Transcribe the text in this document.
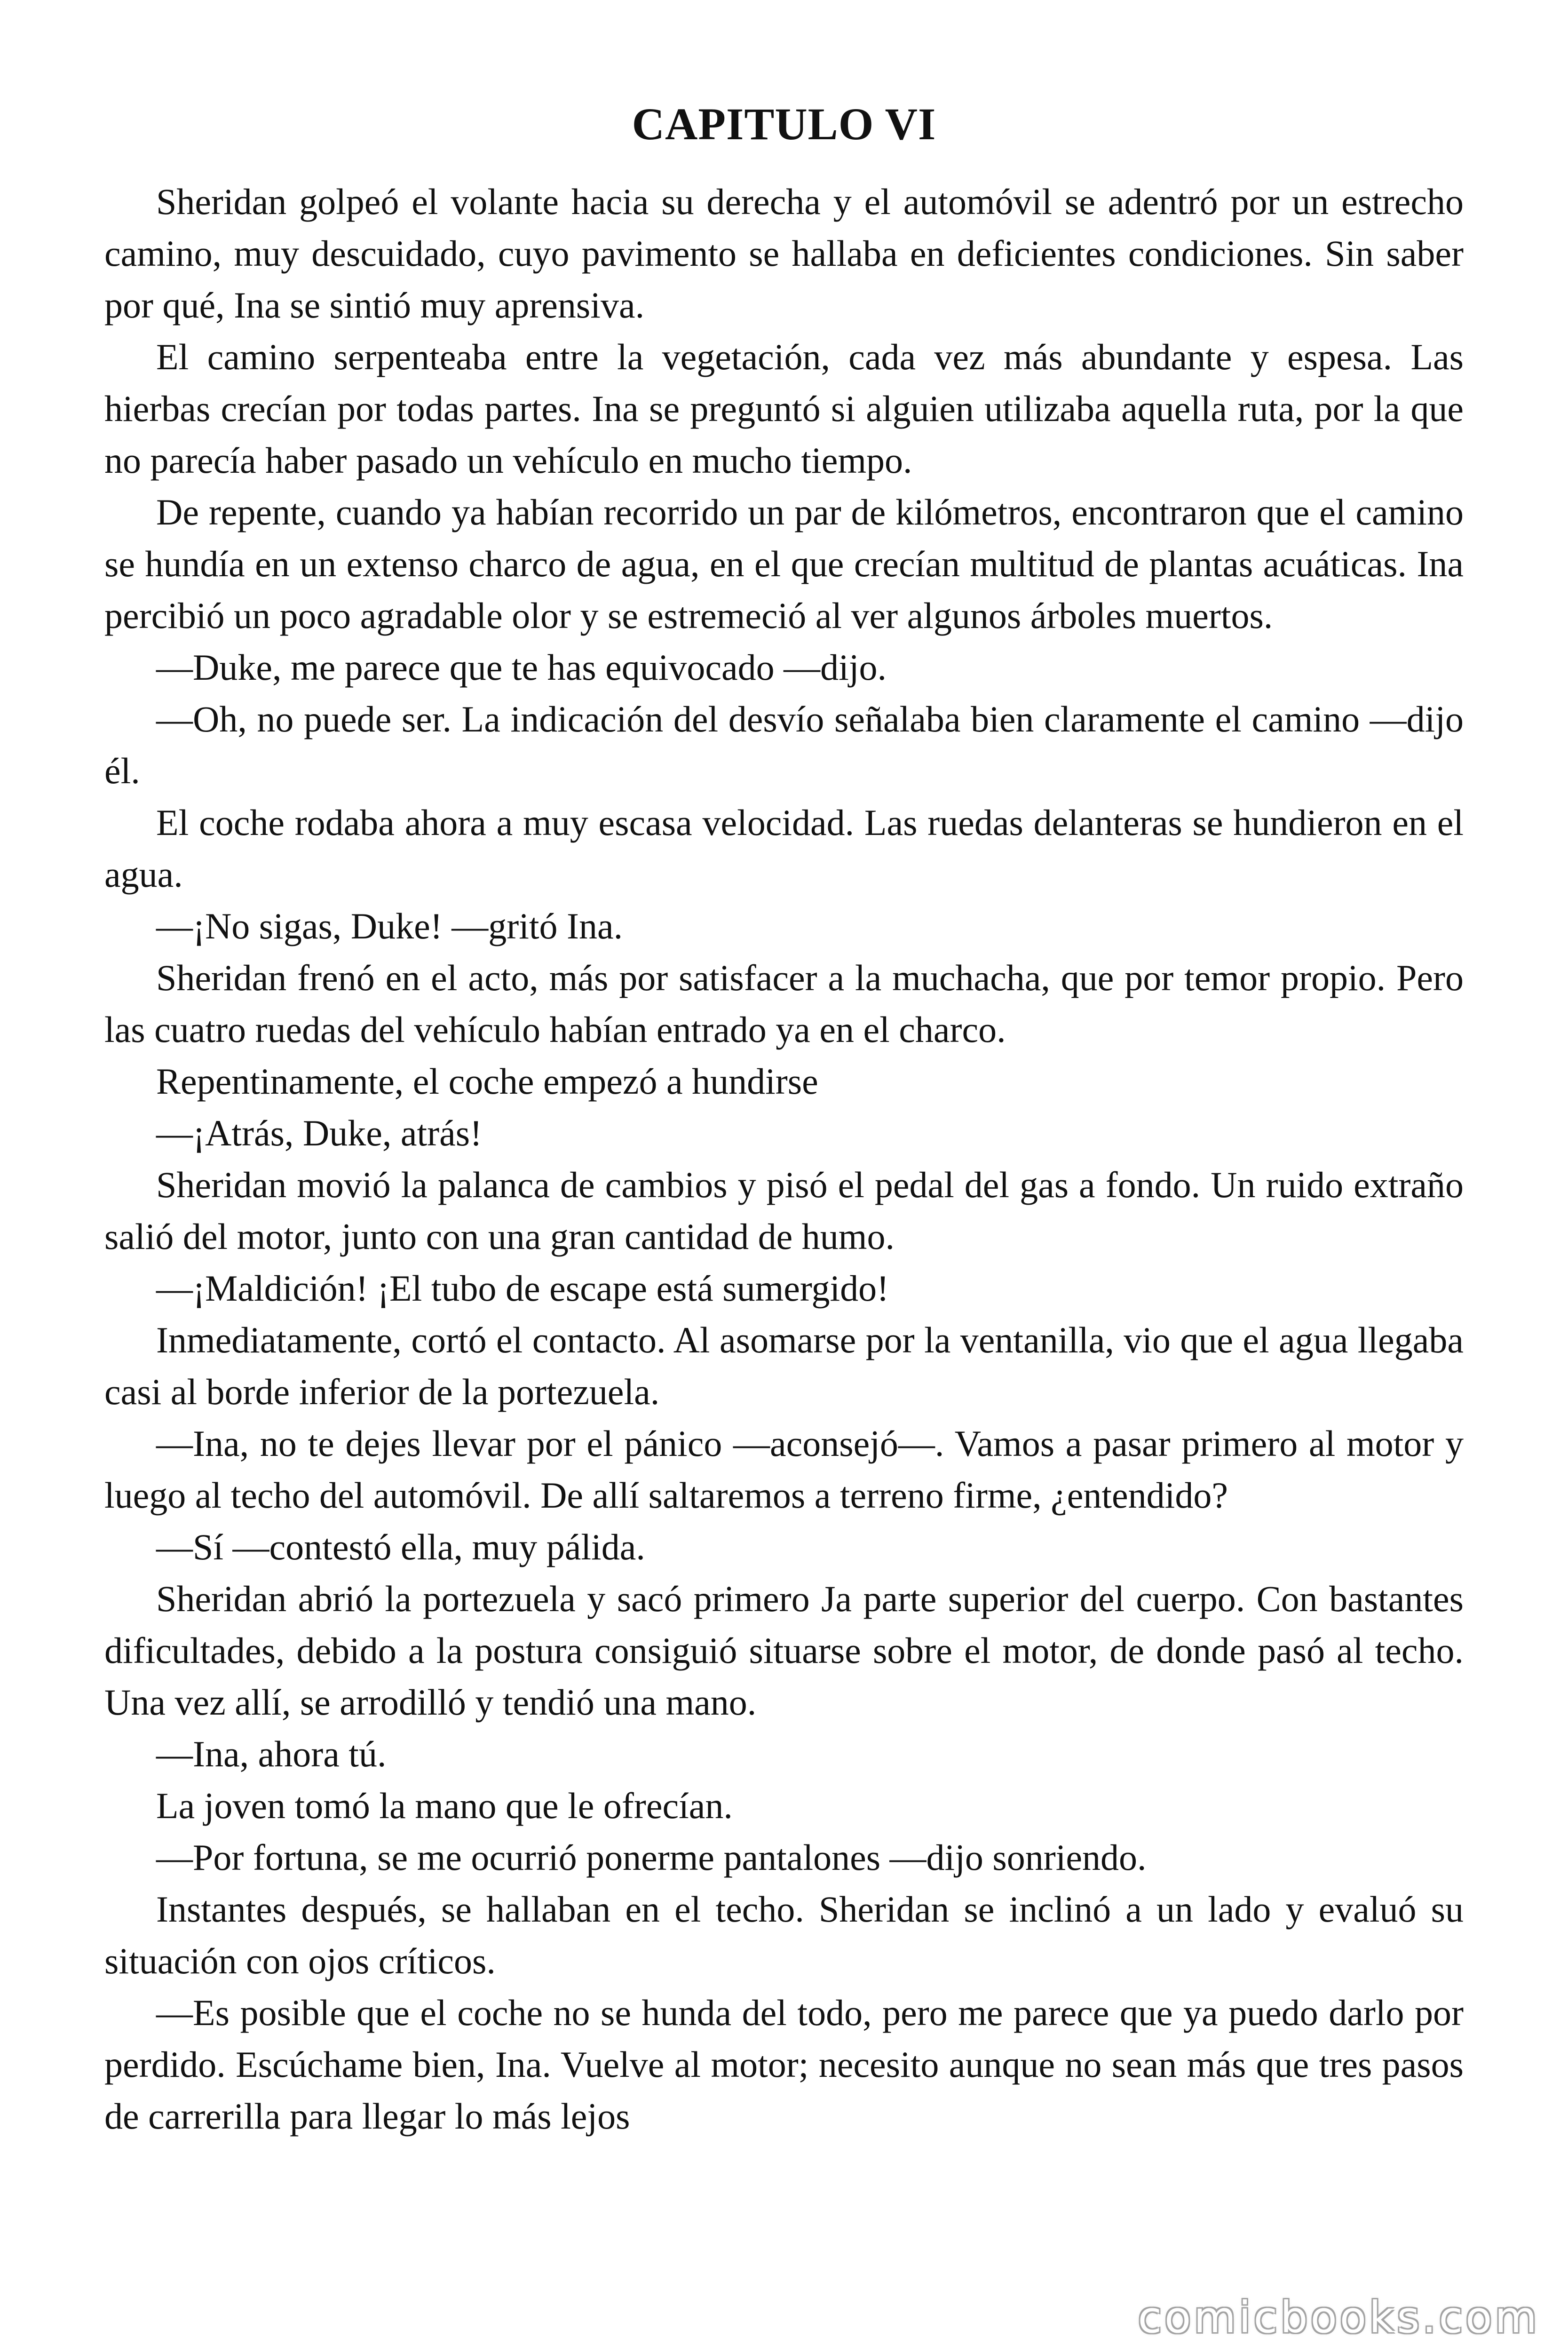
CAPITULO VI

Sheridan golpeó el volante hacia su derecha y el automóvil se adentró por un estrecho camino, muy descuidado, cuyo pavimento se hallaba en deficientes condiciones. Sin saber por qué, Ina se sintió muy aprensiva.

El camino serpenteaba entre la vegetación, cada vez más abundante y espesa. Las hierbas crecían por todas partes. Ina se preguntó si alguien utilizaba aquella ruta, por la que no parecía haber pasado un vehículo en mucho tiempo.

De repente, cuando ya habían recorrido un par de kilómetros, encontraron que el camino se hundía en un extenso charco de agua, en el que crecían multitud de plantas acuáticas. Ina percibió un poco agradable olor y se estremeció al ver algunos árboles muertos.

—Duke, me parece que te has equivocado —dijo.

—Oh, no puede ser. La indicación del desvío señalaba bien claramente el camino —dijo él.

El coche rodaba ahora a muy escasa velocidad. Las ruedas delanteras se hundieron en el agua.

—¡No sigas, Duke! —gritó Ina.

Sheridan frenó en el acto, más por satisfacer a la muchacha, que por temor propio. Pero las cuatro ruedas del vehículo habían entrado ya en el charco.

Repentinamente, el coche empezó a hundirse

—¡Atrás, Duke, atrás!

Sheridan movió la palanca de cambios y pisó el pedal del gas a fondo. Un ruido extraño salió del motor, junto con una gran cantidad de humo.

—¡Maldición! ¡El tubo de escape está sumergido!

Inmediatamente, cortó el contacto. Al asomarse por la ventanilla, vio que el agua llegaba casi al borde inferior de la portezuela.

—Ina, no te dejes llevar por el pánico —aconsejó—. Vamos a pasar primero al motor y luego al techo del automóvil. De allí saltaremos a terreno firme, ¿entendido?

—Sí —contestó ella, muy pálida.

Sheridan abrió la portezuela y sacó primero Ja parte superior del cuerpo. Con bastantes dificultades, debido a la postura consiguió situarse sobre el motor, de donde pasó al techo. Una vez allí, se arrodilló y tendió una mano.

—Ina, ahora tú.

La joven tomó la mano que le ofrecían.

—Por fortuna, se me ocurrió ponerme pantalones —dijo sonriendo.

Instantes después, se hallaban en el techo. Sheridan se inclinó a un lado y evaluó su situación con ojos críticos.

—Es posible que el coche no se hunda del todo, pero me parece que ya puedo darlo por perdido. Escúchame bien, Ina. Vuelve al motor; necesito aunque no sean más que tres pasos de carrerilla para llegar lo más lejos

comicbooks.com
